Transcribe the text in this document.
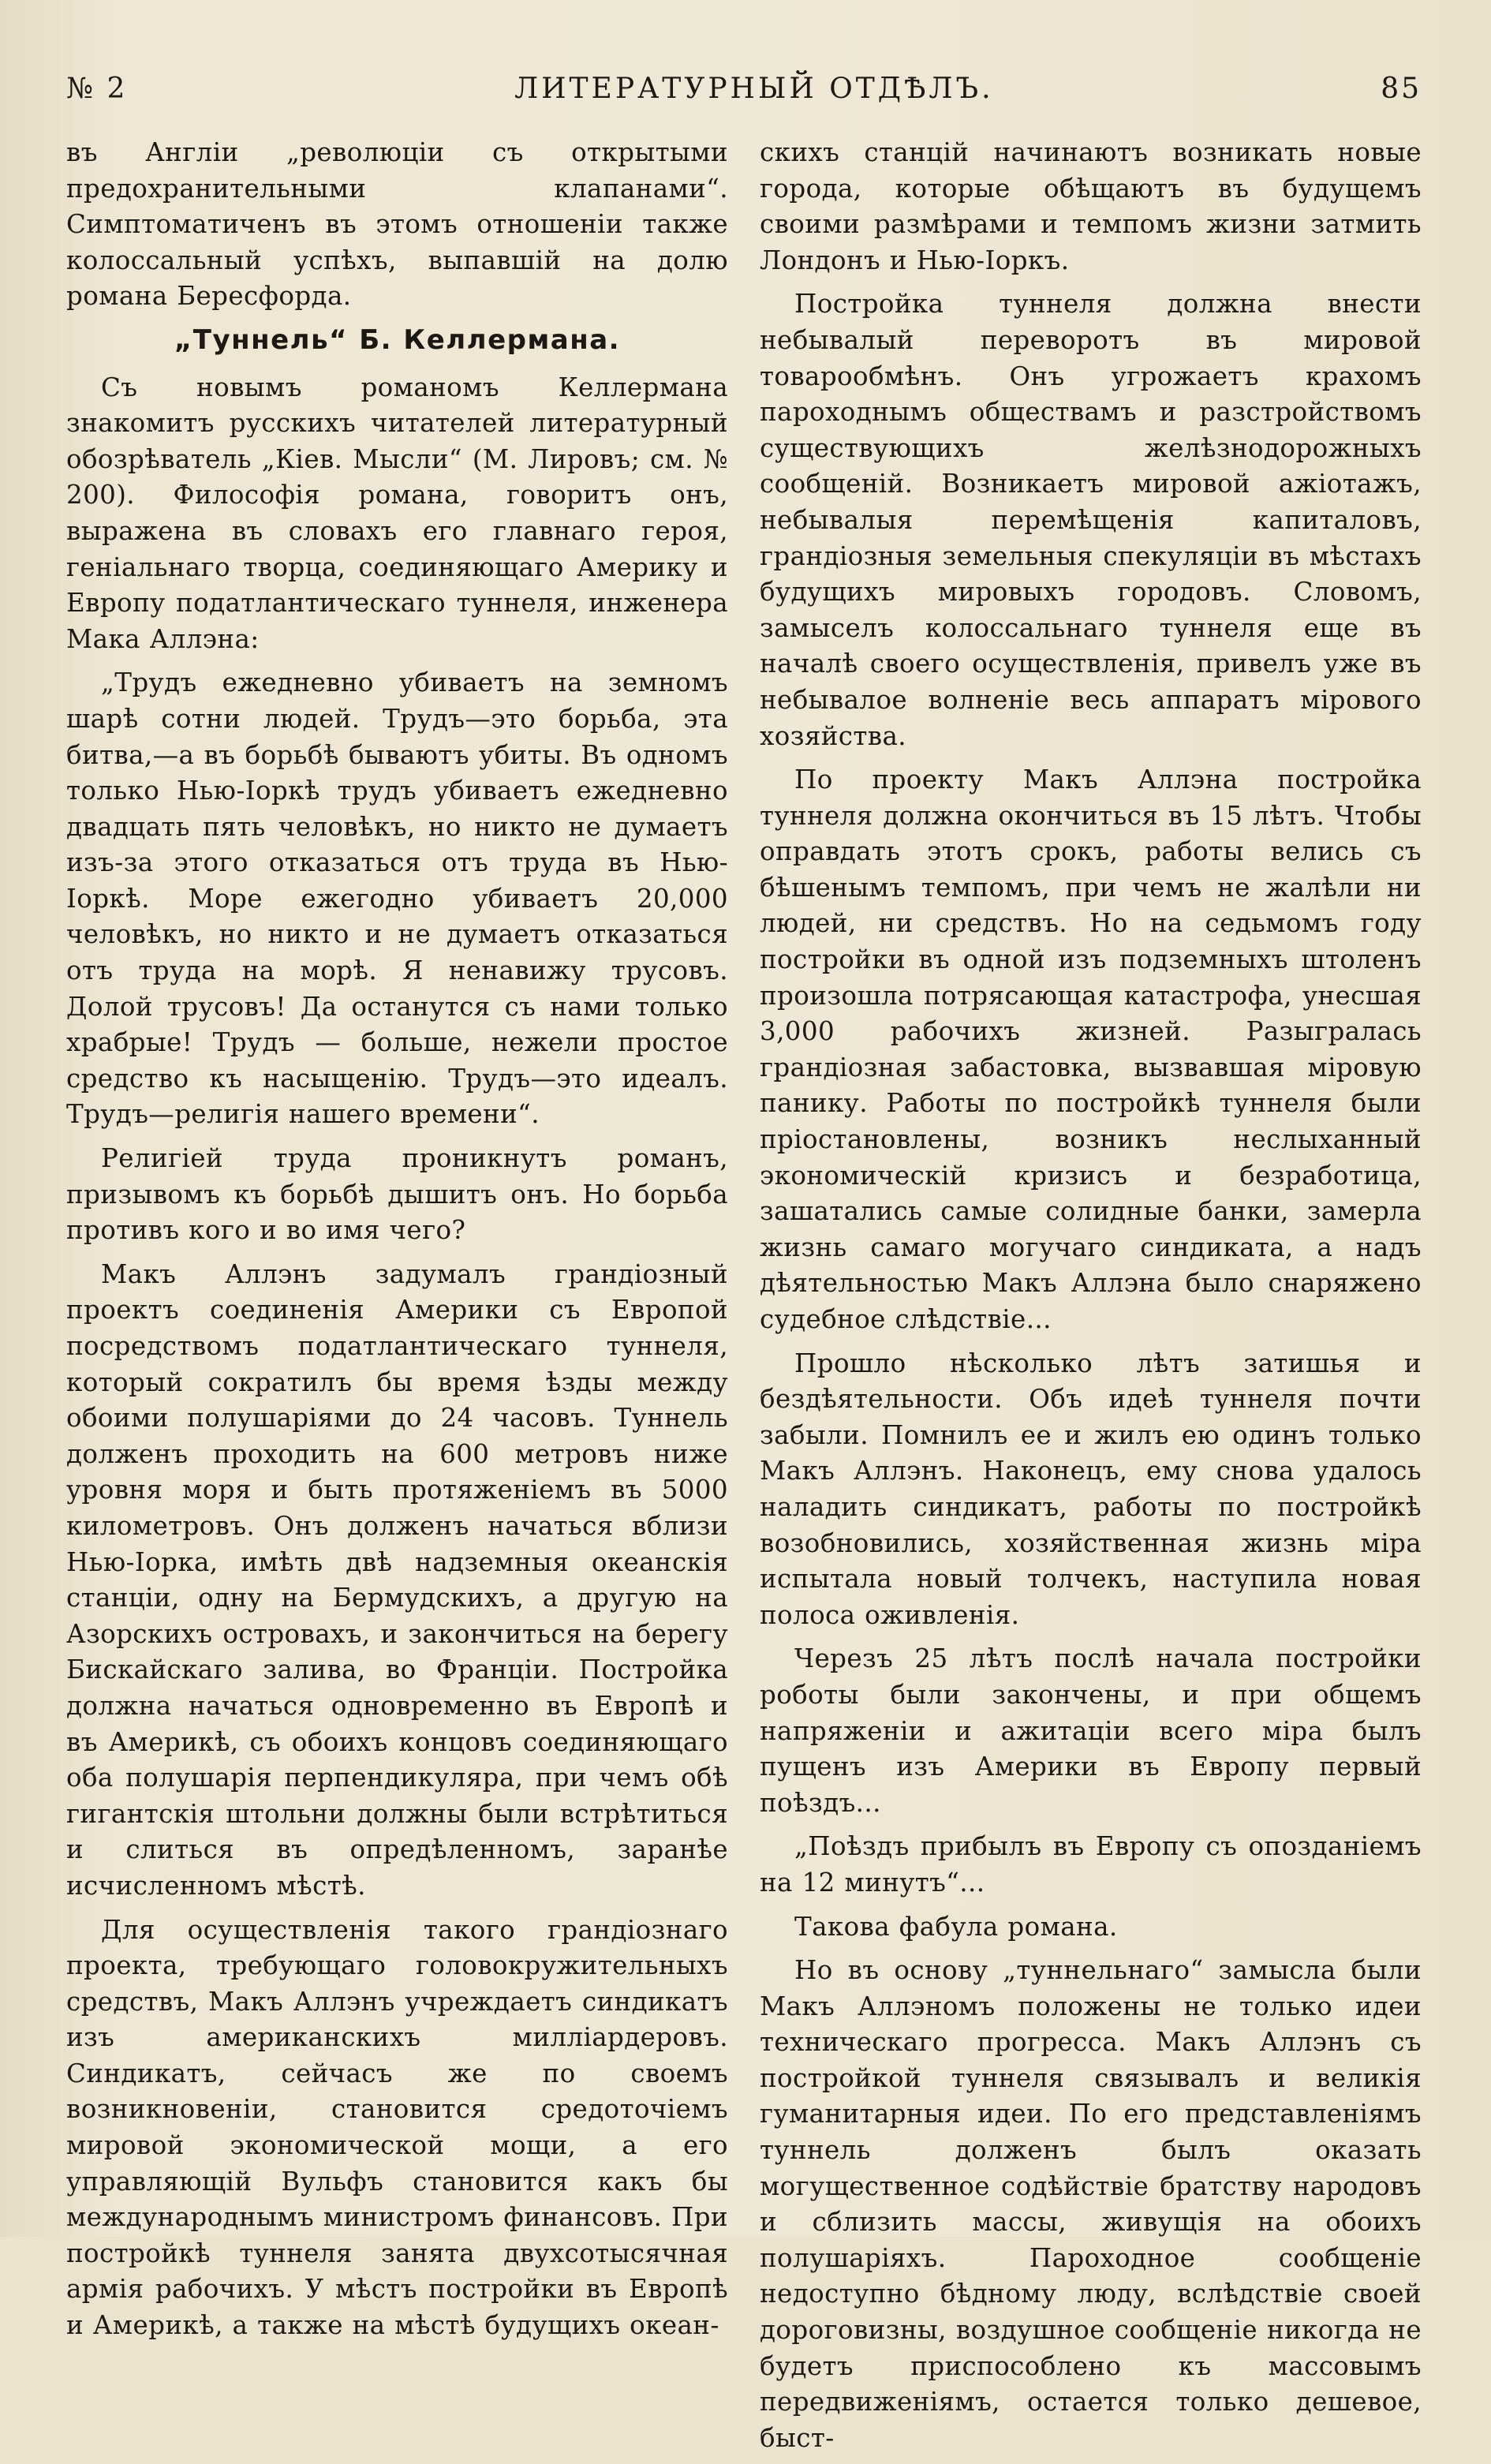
№ 2	ЛИТЕРАТУРНЫЙ ОТДѢЛЪ.	85

въ Англіи „революціи съ открытыми предохранительными клапанами“. Симптоматиченъ въ этомъ отношеніи также колоссальный успѣхъ, выпавшій на долю романа Бересфорда.

„Туннель“ Б. Келлермана.

Съ новымъ романомъ Келлермана знакомитъ русскихъ читателей литературный обозрѣватель „Кіев. Мысли“ (М. Лировъ; см. № 200). Философія романа, говоритъ онъ, выражена въ словахъ его главнаго героя, геніальнаго творца, соединяющаго Америку и Европу податлантическаго туннеля, инженера Мака Аллэна:

„Трудъ ежедневно убиваетъ на земномъ шарѣ сотни людей. Трудъ—это борьба, эта битва,—а въ борьбѣ бываютъ убиты. Въ одномъ только Нью-Іоркѣ трудъ убиваетъ ежедневно двадцать пять человѣкъ, но никто не думаетъ изъ-за этого отказаться отъ труда въ Нью-Іоркѣ. Море ежегодно убиваетъ 20,000 человѣкъ, но никто и не думаетъ отказаться отъ труда на морѣ. Я ненавижу трусовъ. Долой трусовъ! Да останутся съ нами только храбрые! Трудъ — больше, нежели простое средство къ насыщенію. Трудъ—это идеалъ. Трудъ—религія нашего времени“.

Религіей труда проникнутъ романъ, призывомъ къ борьбѣ дышитъ онъ. Но борьба противъ кого и во имя чего?

Макъ Аллэнъ задумалъ грандіозный проектъ соединенія Америки съ Европой посредствомъ податлантическаго туннеля, который сократилъ бы время ѣзды между обоими полушаріями до 24 часовъ. Туннель долженъ проходить на 600 метровъ ниже уровня моря и быть протяженіемъ въ 5000 километровъ. Онъ долженъ начаться вблизи Нью-Іорка, имѣть двѣ надземныя океанскія станціи, одну на Бермудскихъ, а другую на Азорскихъ островахъ, и закончиться на берегу Бискайскаго залива, во Франціи. Постройка должна начаться одновременно въ Европѣ и въ Америкѣ, съ обоихъ концовъ соединяющаго оба полушарія перпендикуляра, при чемъ обѣ гигантскія штольни должны были встрѣтиться и слиться въ опредѣленномъ, заранѣе исчисленномъ мѣстѣ.

Для осуществленія такого грандіознаго проекта, требующаго головокружительныхъ средствъ, Макъ Аллэнъ учреждаетъ синдикатъ изъ американскихъ милліардеровъ. Синдикатъ, сейчасъ же по своемъ возникновеніи, становится средоточіемъ мировой экономической мощи, а его управляющій Вульфъ становится какъ бы международнымъ министромъ финансовъ. При постройкѣ туннеля занята двухсотысячная армія рабочихъ. У мѣстъ постройки въ Европѣ и Америкѣ, а также на мѣстѣ будущихъ океан-

скихъ станцій начинаютъ возникать новые города, которые обѣщаютъ въ будущемъ своими размѣрами и темпомъ жизни затмить Лондонъ и Нью-Іоркъ.

Постройка туннеля должна внести небывалый переворотъ въ мировой товарообмѣнъ. Онъ угрожаетъ крахомъ пароходнымъ обществамъ и разстройствомъ существующихъ желѣзнодорожныхъ сообщеній. Возникаетъ мировой ажіотажъ, небывалыя перемѣщенія капиталовъ, грандіозныя земельныя спекуляціи въ мѣстахъ будущихъ мировыхъ городовъ. Словомъ, замыселъ колоссальнаго туннеля еще въ началѣ своего осуществленія, привелъ уже въ небывалое волненіе весь аппаратъ мірового хозяйства.

По проекту Макъ Аллэна постройка туннеля должна окончиться въ 15 лѣтъ. Чтобы оправдать этотъ срокъ, работы велись съ бѣшенымъ темпомъ, при чемъ не жалѣли ни людей, ни средствъ. Но на седьмомъ году постройки въ одной изъ подземныхъ штоленъ произошла потрясающая катастрофа, унесшая 3,000 рабочихъ жизней. Разыгралась грандіозная забастовка, вызвавшая міровую панику. Работы по постройкѣ туннеля были пріостановлены, возникъ неслыханный экономическій кризисъ и безработица, зашатались самые солидные банки, замерла жизнь самаго могучаго синдиката, а надъ дѣятельностью Макъ Аллэна было снаряжено судебное слѣдствіе...

Прошло нѣсколько лѣтъ затишья и бездѣятельности. Объ идеѣ туннеля почти забыли. Помнилъ ее и жилъ ею одинъ только Макъ Аллэнъ. Наконецъ, ему снова удалось наладить синдикатъ, работы по постройкѣ возобновились, хозяйственная жизнь міра испытала новый толчекъ, наступила новая полоса оживленія.

Черезъ 25 лѣтъ послѣ начала постройки роботы были закончены, и при общемъ напряженіи и ажитаціи всего міра былъ пущенъ изъ Америки въ Европу первый поѣздъ...

„Поѣздъ прибылъ въ Европу съ опозданіемъ на 12 минутъ“...

Такова фабула романа.

Но въ основу „туннельнаго“ замысла были Макъ Аллэномъ положены не только идеи техническаго прогресса. Макъ Аллэнъ съ постройкой туннеля связывалъ и великія гуманитарныя идеи. По его представленіямъ туннель долженъ былъ оказать могущественное содѣйствіе братству народовъ и сблизить массы, живущія на обоихъ полушаріяхъ. Пароходное сообщеніе недоступно бѣдному люду, вслѣдствіе своей дороговизны, воздушное сообщеніе никогда не будетъ приспособлено къ массовымъ передвиженіямъ, остается только дешевое, быст-
